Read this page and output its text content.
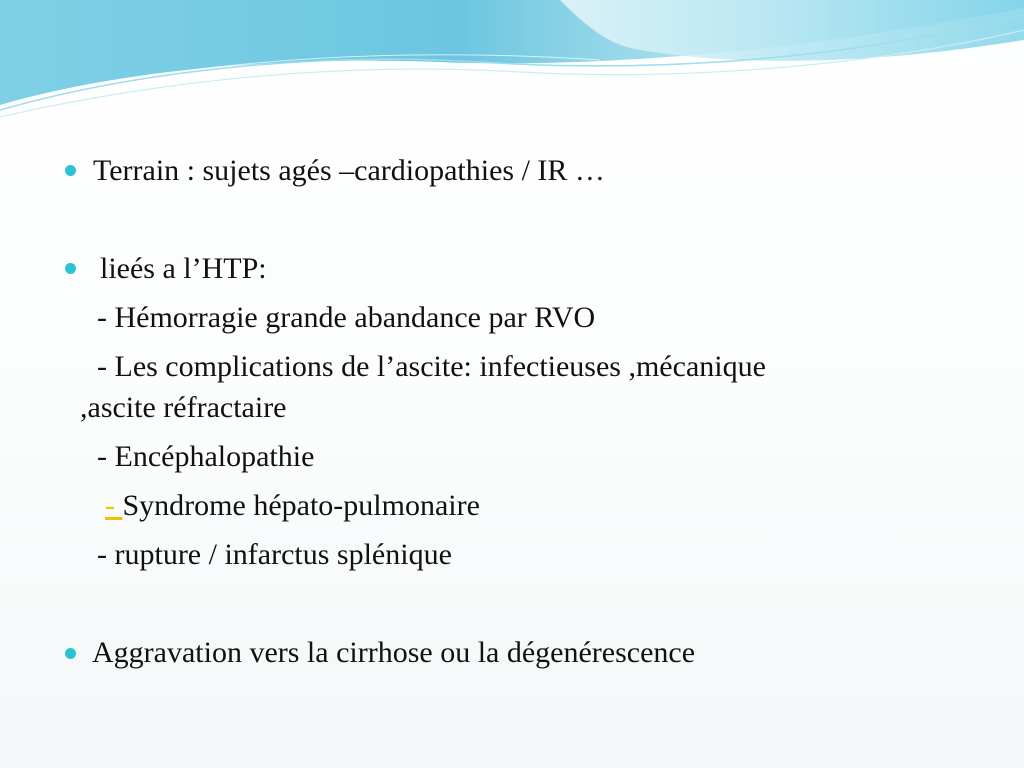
Terrain : sujets agés –cardiopathies / IR …
lieés a l’HTP:
- Hémorragie grande abandance par RVO
- Les complications de l’ascite: infectieuses ,mécanique
,ascite réfractaire
- Encéphalopathie
- Syndrome hépato-pulmonaire
- rupture / infarctus splénique
Aggravation vers la cirrhose ou la dégenérescence
